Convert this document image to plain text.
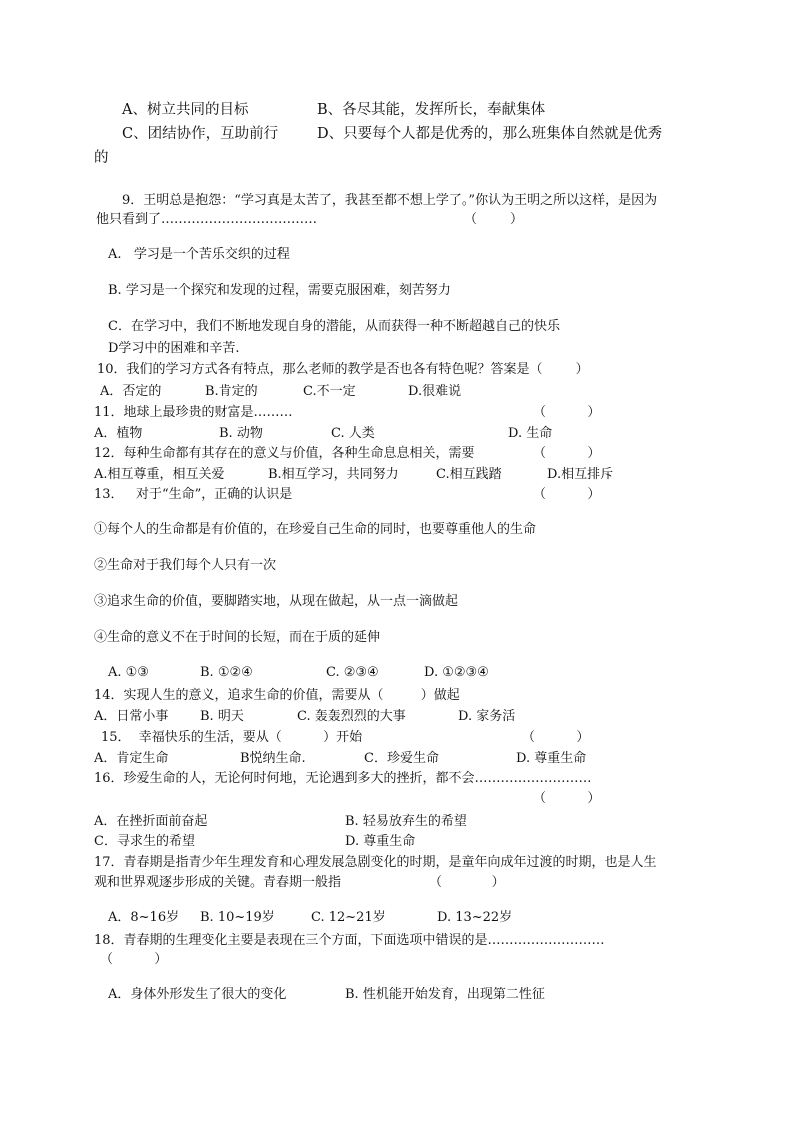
A、树立共同的目标	B、各尽其能，发挥所长，奉献集体
C、团结协作，互助前行	D、只要每个人都是优秀的，那么班集体自然就是优秀
的
9．王明总是抱怨：“学习真是太苦了，我甚至都不想上学了。”你认为王明之所以这样，是因为
他只看到了………………………………	（        ）
A.   学习是一个苦乐交织的过程
B. 学习是一个探究和发现的过程，需要克服困难，刻苦努力
C．在学习中，我们不断地发现自身的潜能，从而获得一种不断超越自己的快乐
D学习中的困难和辛苦.
10．我们的学习方式各有特点，那么老师的教学是否也各有特色呢？答案是（        ）
A．否定的	B.肯定的	C.不一定	D.很难说
11．地球上最珍贵的财富是………	（          ）
A．植物	B. 动物	C. 人类	D. 生命
12．每种生命都有其存在的意义与价值，各种生命息息相关，需要	（          ）
A.相互尊重，相互关爱	B.相互学习，共同努力	C.相互践踏	D.相互排斥
13．   对于“生命”，正确的认识是	（          ）
①每个人的生命都是有价值的，在珍爱自己生命的同时，也要尊重他人的生命
②生命对于我们每个人只有一次
③追求生命的价值，要脚踏实地，从现在做起，从一点一滴做起
④生命的意义不在于时间的长短，而在于质的延伸
A. ①③	B. ①②④	C. ②③④	D. ①②③④
14．实现人生的意义，追求生命的价值，需要从（         ）做起
A．日常小事 B. 明天	C. 轰轰烈烈的大事	D. 家务活
15．  幸福快乐的生活，要从（          ）开始	（          ）
A．肯定生命	B悦纳生命.	C．珍爱生命	D. 尊重生命
16．珍爱生命的人，无论何时何地，无论遇到多大的挫折，都不会………………………
（          ）
A．在挫折面前奋起	B. 轻易放弃生的希望
C．寻求生的希望	D. 尊重生命
17．青春期是指青少年生理发育和心理发展急剧变化的时期，是童年向成年过渡的时期，也是人生
观和世界观逐步形成的关键。青春期一般指	（            ）
A．8~16岁 B. 10~19岁	C. 12~21岁	D. 13~22岁
18．青春期的生理变化主要是表现在三个方面，下面选项中错误的是………………………
（          ）
A．身体外形发生了很大的变化	B. 性机能开始发育，出现第二性征
